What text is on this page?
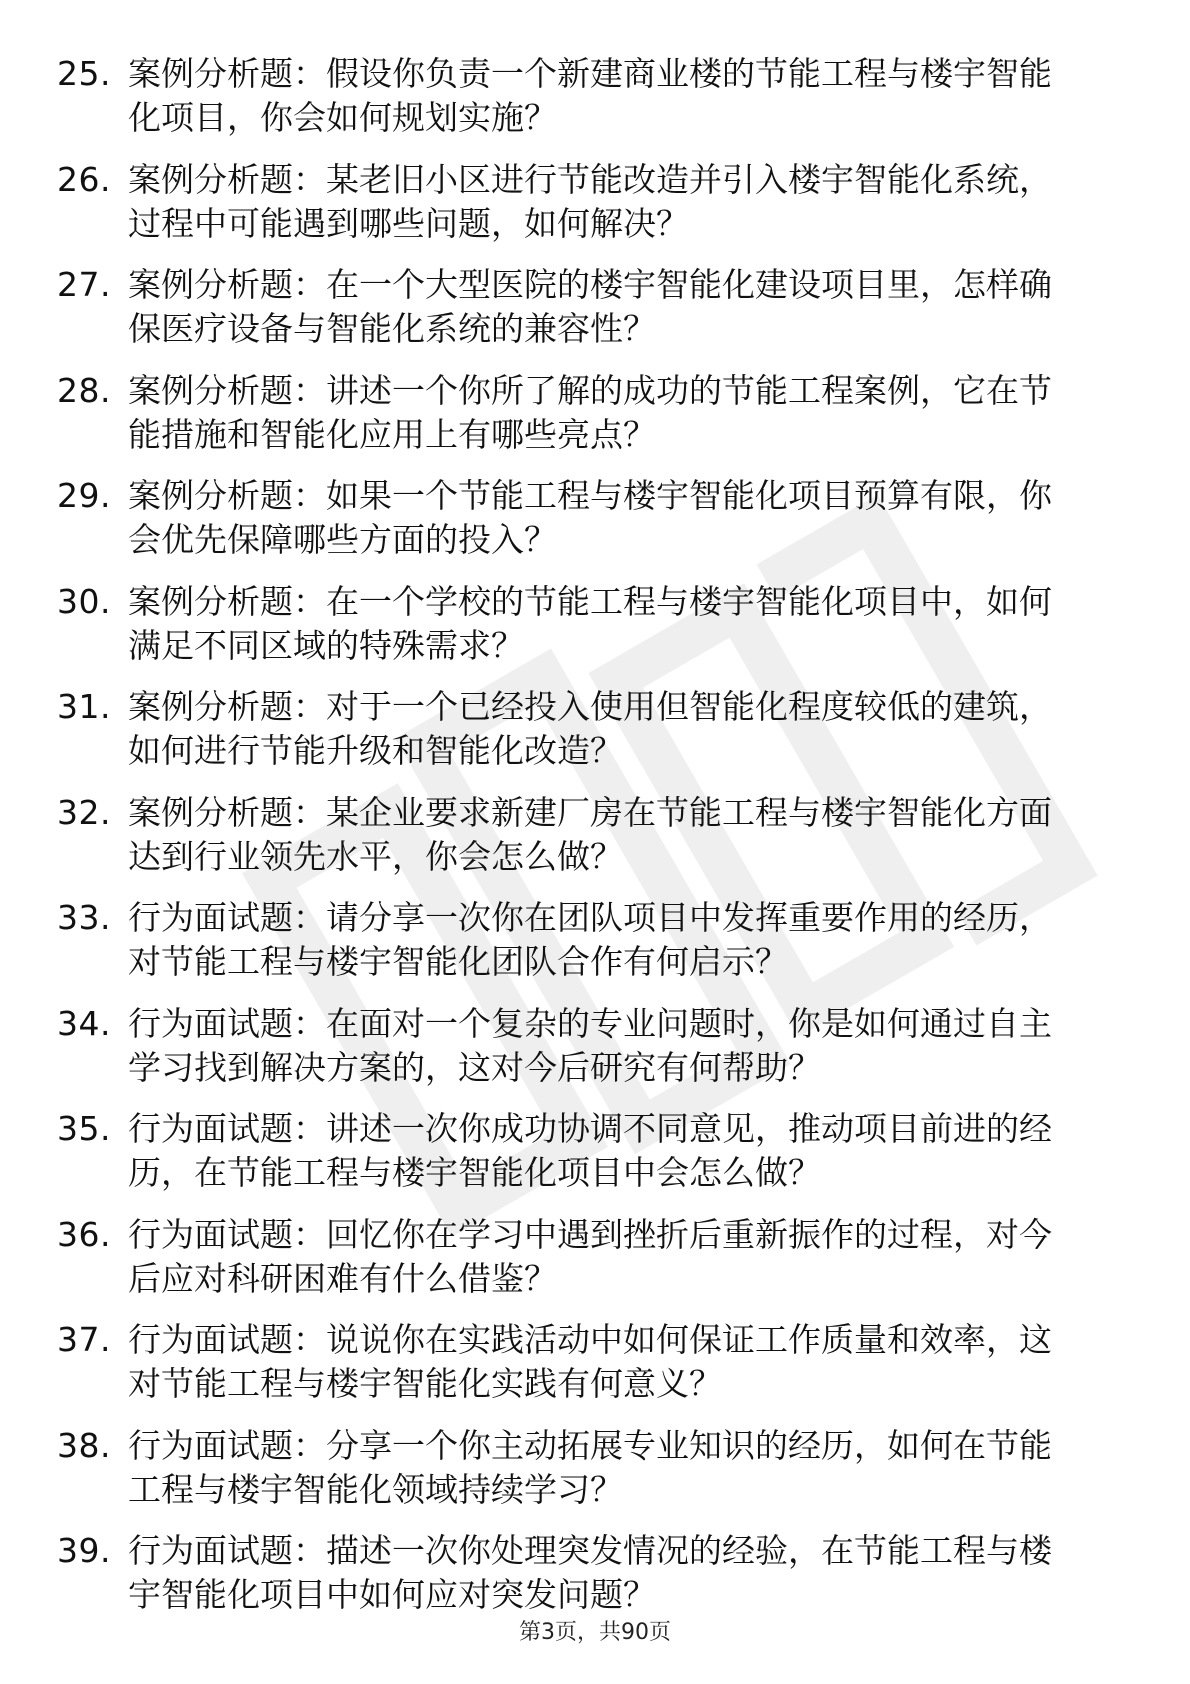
25. 案例分析题：假设你负责一个新建商业楼的节能工程与楼宇智能
化项目，你会如何规划实施？
26. 案例分析题：某老旧小区进行节能改造并引入楼宇智能化系统，
过程中可能遇到哪些问题，如何解决？
27. 案例分析题：在一个大型医院的楼宇智能化建设项目里，怎样确
保医疗设备与智能化系统的兼容性？
28. 案例分析题：讲述一个你所了解的成功的节能工程案例，它在节
能措施和智能化应用上有哪些亮点？
29. 案例分析题：如果一个节能工程与楼宇智能化项目预算有限，你
会优先保障哪些方面的投入？
30. 案例分析题：在一个学校的节能工程与楼宇智能化项目中，如何
满足不同区域的特殊需求？
31. 案例分析题：对于一个已经投入使用但智能化程度较低的建筑，
如何进行节能升级和智能化改造？
32. 案例分析题：某企业要求新建厂房在节能工程与楼宇智能化方面
达到行业领先水平，你会怎么做？
33. 行为面试题：请分享一次你在团队项目中发挥重要作用的经历，
对节能工程与楼宇智能化团队合作有何启示？
34. 行为面试题：在面对一个复杂的专业问题时，你是如何通过自主
学习找到解决方案的，这对今后研究有何帮助？
35. 行为面试题：讲述一次你成功协调不同意见，推动项目前进的经
历，在节能工程与楼宇智能化项目中会怎么做？
36. 行为面试题：回忆你在学习中遇到挫折后重新振作的过程，对今
后应对科研困难有什么借鉴？
37. 行为面试题：说说你在实践活动中如何保证工作质量和效率，这
对节能工程与楼宇智能化实践有何意义？
38. 行为面试题：分享一个你主动拓展专业知识的经历，如何在节能
工程与楼宇智能化领域持续学习？
39. 行为面试题：描述一次你处理突发情况的经验，在节能工程与楼
宇智能化项目中如何应对突发问题？
第3页，共90页
